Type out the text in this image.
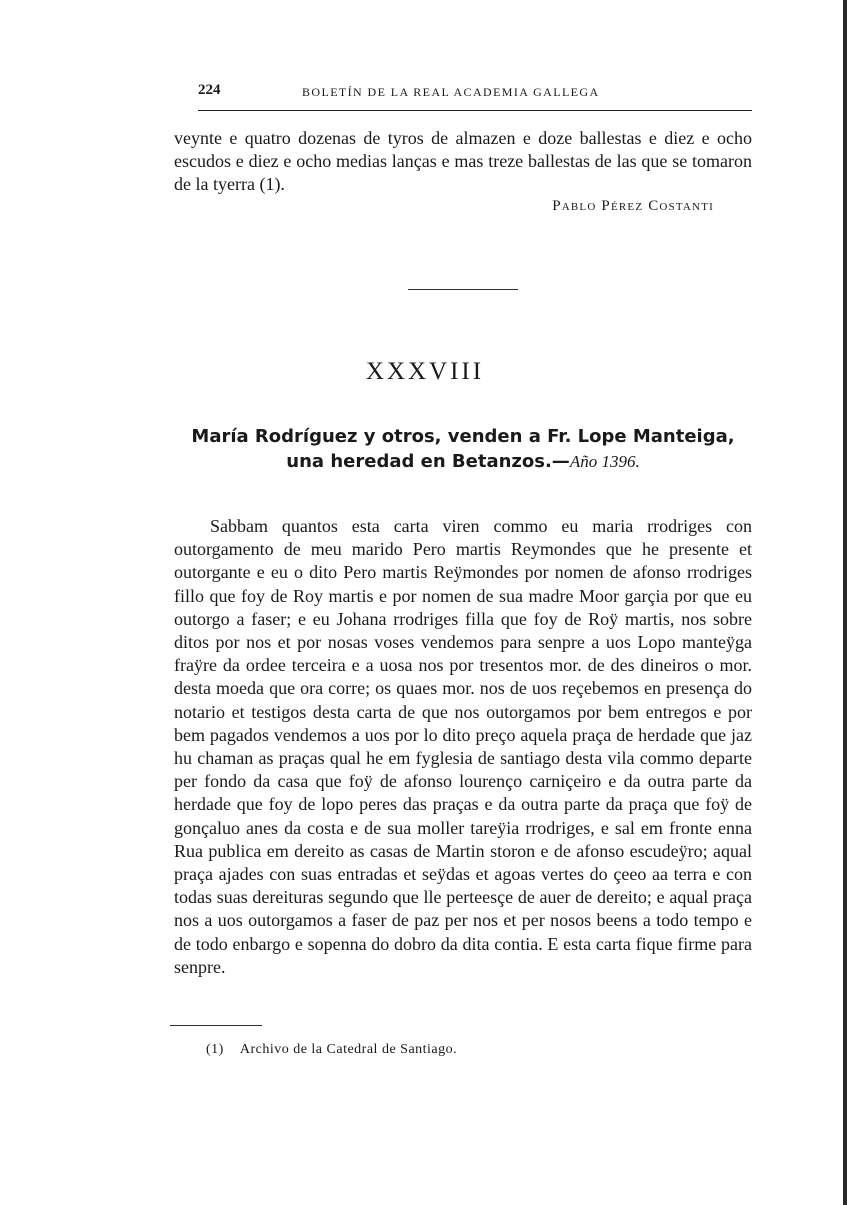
224	BOLETÍN DE LA REAL ACADEMIA GALLEGA

veynte e quatro dozenas de tyros de almazen e doze ballestas e diez e ocho escudos e diez e ocho medias lanças e mas treze ballestas de las que se tomaron de la tyerra (1).

Pablo Pérez Costanti
XXXVIII
María Rodríguez y otros, venden a Fr. Lope Manteiga, una heredad en Betanzos.—Año 1396.

Sabbam quantos esta carta viren commo eu maria rrodriges con outorgamento de meu marido Pero martis Reymondes que he presente et outorgante e eu o dito Pero martis Reÿmondes por nomen de afonso rrodriges fillo que foy de Roy martis e por nomen de sua madre Moor garçia por que eu outorgo a faser; e eu Johana rrodriges filla que foy de Roÿ martis, nos sobre ditos por nos et por nosas voses vendemos para senpre a uos Lopo manteÿga fraÿre da ordee terceira e a uosa nos por tresentos mor. de des dineiros o mor. desta moeda que ora corre; os quaes mor. nos de uos reçebemos en presença do notario et testigos desta carta de que nos outorgamos por bem entregos e por bem pagados vendemos a uos por lo dito preço aquela praça de herdade que jaz hu chaman as praças qual he em fyglesia de santiago desta vila commo departe per fondo da casa que foÿ de afonso lourenço carniçeiro e da outra parte da herdade que foy de lopo peres das praças e da outra parte da praça que foÿ de gonçaluo anes da costa e de sua moller tareÿia rrodriges, e sal em fronte enna Rua publica em dereito as casas de Martin storon e de afonso escudeÿro; aqual praça ajades con suas entradas et seÿdas et agoas vertes do çeeo aa terra e con todas suas dereituras segundo que lle perteesçe de auer de dereito; e aqual praça nos a uos outorgamos a faser de paz per nos et per nosos beens a todo tempo e de todo enbargo e sopenna do dobro da dita contia. E esta carta fique firme para senpre.

(1) Archivo de la Catedral de Santiago.
